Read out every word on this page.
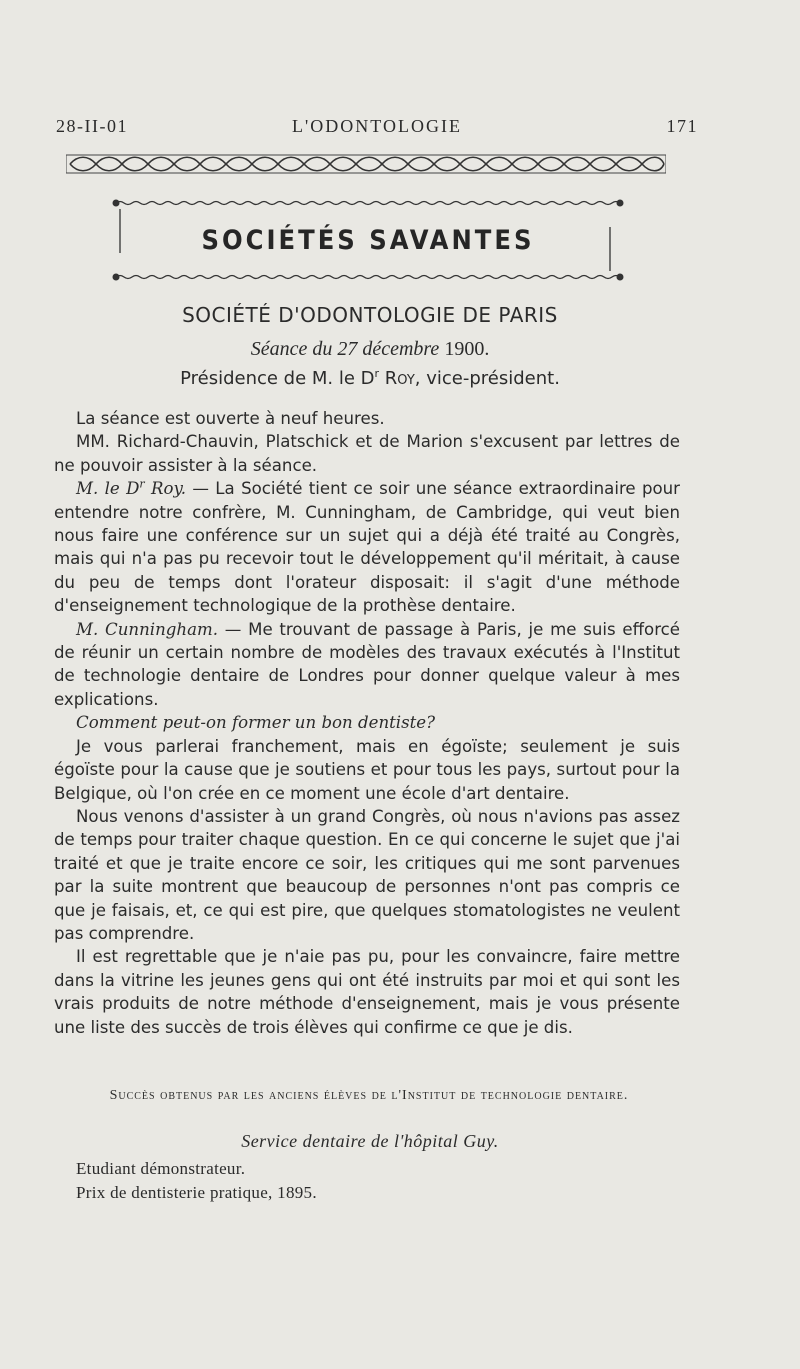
28-II-01	L'ODONTOLOGIE	171
SOCIÉTÉS SAVANTES
SOCIÉTÉ D'ODONTOLOGIE DE PARIS
Séance du 27 décembre 1900.
Présidence de M. le $D^r$ Roy, vice-président.

La séance est ouverte à neuf heures.

MM. Richard-Chauvin, Platschick et de Marion s'excusent par lettres de ne pouvoir assister à la séance.

M. le $D^r$ Roy. — La Société tient ce soir une séance extraordinaire pour entendre notre confrère, M. Cunningham, de Cambridge, qui veut bien nous faire une conférence sur un sujet qui a déjà été traité au Congrès, mais qui n'a pas pu recevoir tout le développement qu'il méritait, à cause du peu de temps dont l'orateur disposait: il s'agit d'une méthode d'enseignement technologique de la prothèse dentaire.

M. Cunningham. — Me trouvant de passage à Paris, je me suis efforcé de réunir un certain nombre de modèles des travaux exécutés à l'Institut de technologie dentaire de Londres pour donner quelque valeur à mes explications.

Comment peut-on former un bon dentiste?

Je vous parlerai franchement, mais en égoïste; seulement je suis égoïste pour la cause que je soutiens et pour tous les pays, surtout pour la Belgique, où l'on crée en ce moment une école d'art dentaire.

Nous venons d'assister à un grand Congrès, où nous n'avions pas assez de temps pour traiter chaque question. En ce qui concerne le sujet que j'ai traité et que je traite encore ce soir, les critiques qui me sont parvenues par la suite montrent que beaucoup de personnes n'ont pas compris ce que je faisais, et, ce qui est pire, que quelques stomatologistes ne veulent pas comprendre.

Il est regrettable que je n'aie pas pu, pour les convaincre, faire mettre dans la vitrine les jeunes gens qui ont été instruits par moi et qui sont les vrais produits de notre méthode d'enseignement, mais je vous présente une liste des succès de trois élèves qui confirme ce que je dis.

Succès obtenus par les anciens élèves de l'Institut de technologie dentaire.
Service dentaire de l'hôpital Guy.
Etudiant démonstrateur.
Prix de dentisterie pratique, 1895.
